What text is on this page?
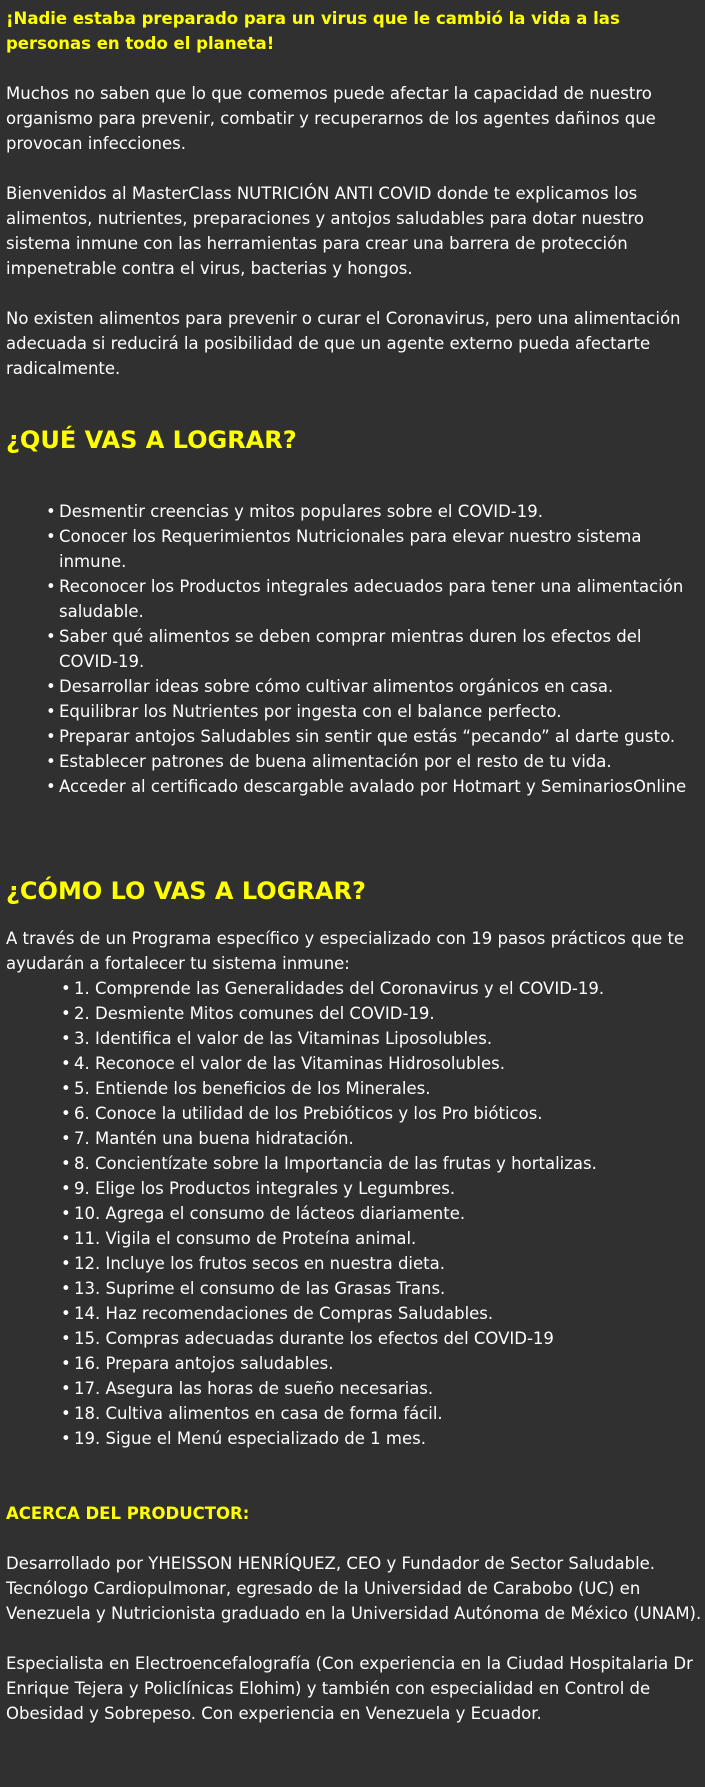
¡Nadie estaba preparado para un virus que le cambió la vida a las personas en todo el planeta!

Muchos no saben que lo que comemos puede afectar la capacidad de nuestro organismo para prevenir, combatir y recuperarnos de los agentes dañinos que provocan infecciones.

Bienvenidos al MasterClass NUTRICIÓN ANTI COVID donde te explicamos los alimentos, nutrientes, preparaciones y antojos saludables para dotar nuestro sistema inmune con las herramientas para crear una barrera de protección impenetrable contra el virus, bacterias y hongos.

No existen alimentos para prevenir o curar el Coronavirus, pero una alimentación adecuada si reducirá la posibilidad de que un agente externo pueda afectarte radicalmente.

¿QUÉ VAS A LOGRAR?
• Desmentir creencias y mitos populares sobre el COVID-19.
• Conocer los Requerimientos Nutricionales para elevar nuestro sistema inmune.
• Reconocer los Productos integrales adecuados para tener una alimentación saludable.
• Saber qué alimentos se deben comprar mientras duren los efectos del COVID-19.
• Desarrollar ideas sobre cómo cultivar alimentos orgánicos en casa.
• Equilibrar los Nutrientes por ingesta con el balance perfecto.
• Preparar antojos Saludables sin sentir que estás “pecando” al darte gusto.
• Establecer patrones de buena alimentación por el resto de tu vida.
• Acceder al certificado descargable avalado por Hotmart y SeminariosOnline
¿CÓMO LO VAS A LOGRAR?

A través de un Programa específico y especializado con 19 pasos prácticos que te ayudarán a fortalecer tu sistema inmune:

• 1. Comprende las Generalidades del Coronavirus y el COVID-19.
• 2. Desmiente Mitos comunes del COVID-19.
• 3. Identifica el valor de las Vitaminas Liposolubles.
• 4. Reconoce el valor de las Vitaminas Hidrosolubles.
• 5. Entiende los beneficios de los Minerales.
• 6. Conoce la utilidad de los Prebióticos y los Pro bióticos.
• 7. Mantén una buena hidratación.
• 8. Concientízate sobre la Importancia de las frutas y hortalizas.
• 9. Elige los Productos integrales y Legumbres.
• 10. Agrega el consumo de lácteos diariamente.
• 11. Vigila el consumo de Proteína animal.
• 12. Incluye los frutos secos en nuestra dieta.
• 13. Suprime el consumo de las Grasas Trans.
• 14. Haz recomendaciones de Compras Saludables.
• 15. Compras adecuadas durante los efectos del COVID-19
• 16. Prepara antojos saludables.
• 17. Asegura las horas de sueño necesarias.
• 18. Cultiva alimentos en casa de forma fácil.
• 19. Sigue el Menú especializado de 1 mes.
ACERCA DEL PRODUCTOR:

Desarrollado por YHEISSON HENRÍQUEZ, CEO y Fundador de Sector Saludable. Tecnólogo Cardiopulmonar, egresado de la Universidad de Carabobo (UC) en Venezuela y Nutricionista graduado en la Universidad Autónoma de México (UNAM).

Especialista en Electroencefalografía (Con experiencia en la Ciudad Hospitalaria Dr Enrique Tejera y Policlínicas Elohim) y también con especialidad en Control de Obesidad y Sobrepeso. Con experiencia en Venezuela y Ecuador.
